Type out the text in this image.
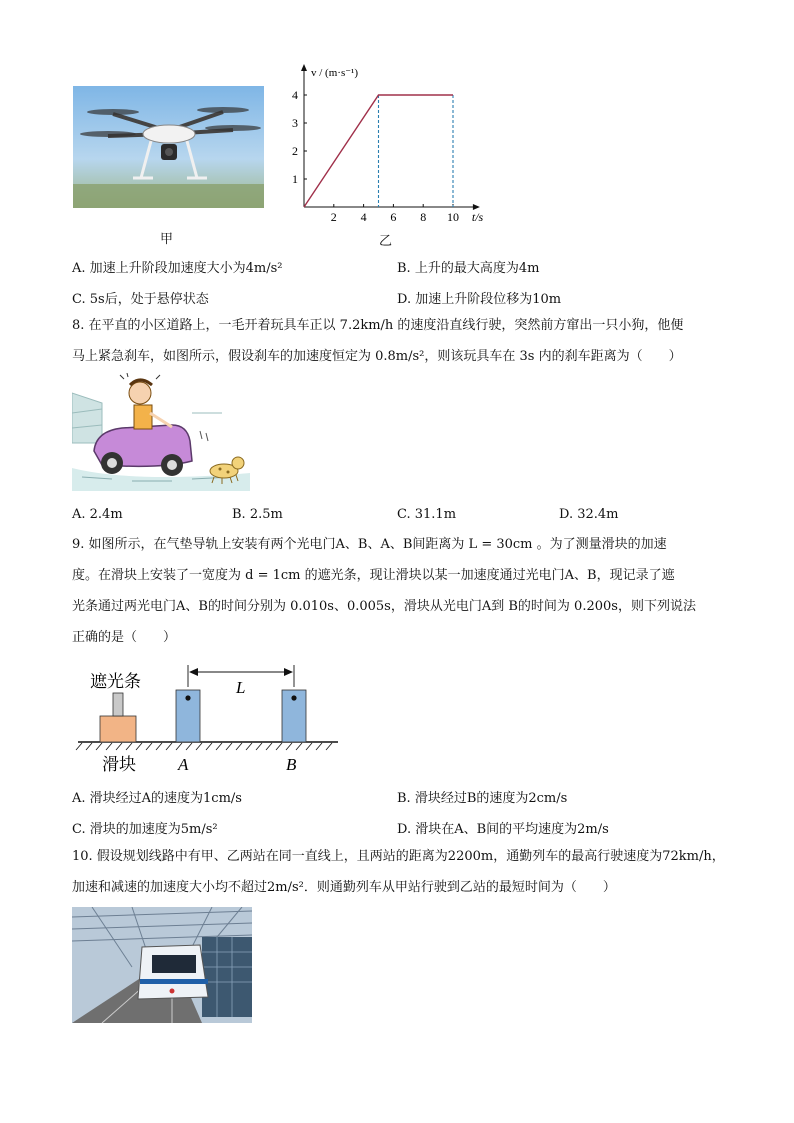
甲
2 4 6 8 10
1
2
3
4
v / (m·s⁻¹)
t/s
乙
A. 加速上升阶段加速度大小为4m/s²	B. 上升的最大高度为4m
C. 5s后，处于悬停状态	D. 加速上升阶段位移为10m
8. 在平直的小区道路上，一毛开着玩具车正以 7.2km/h 的速度沿直线行驶，突然前方窜出一只小狗，他便
马上紧急刹车，如图所示，假设刹车的加速度恒定为 0.8m/s²，则该玩具车在 3s 内的刹车距离为（　　）
A. 2.4m	B. 2.5m	C. 31.1m	D. 32.4m
9. 如图所示，在气垫导轨上安装有两个光电门A、B、A、B间距离为 L = 30cm 。为了测量滑块的加速
度。在滑块上安装了一宽度为 d = 1cm 的遮光条，现让滑块以某一加速度通过光电门A、B，现记录了遮
光条通过两光电门A、B的时间分别为 0.010s、0.005s，滑块从光电门A到 B的时间为 0.200s，则下列说法
正确的是（　　）
遮光条
滑块
L
A	B
A. 滑块经过A的速度为1cm/s	B. 滑块经过B的速度为2cm/s
C. 滑块的加速度为5m/s²	D. 滑块在A、B间的平均速度为2m/s
10. 假设规划线路中有甲、乙两站在同一直线上，且两站的距离为2200m，通勤列车的最高行驶速度为72km/h，
加速和减速的加速度大小均不超过2m/s²．则通勤列车从甲站行驶到乙站的最短时间为（　　）
